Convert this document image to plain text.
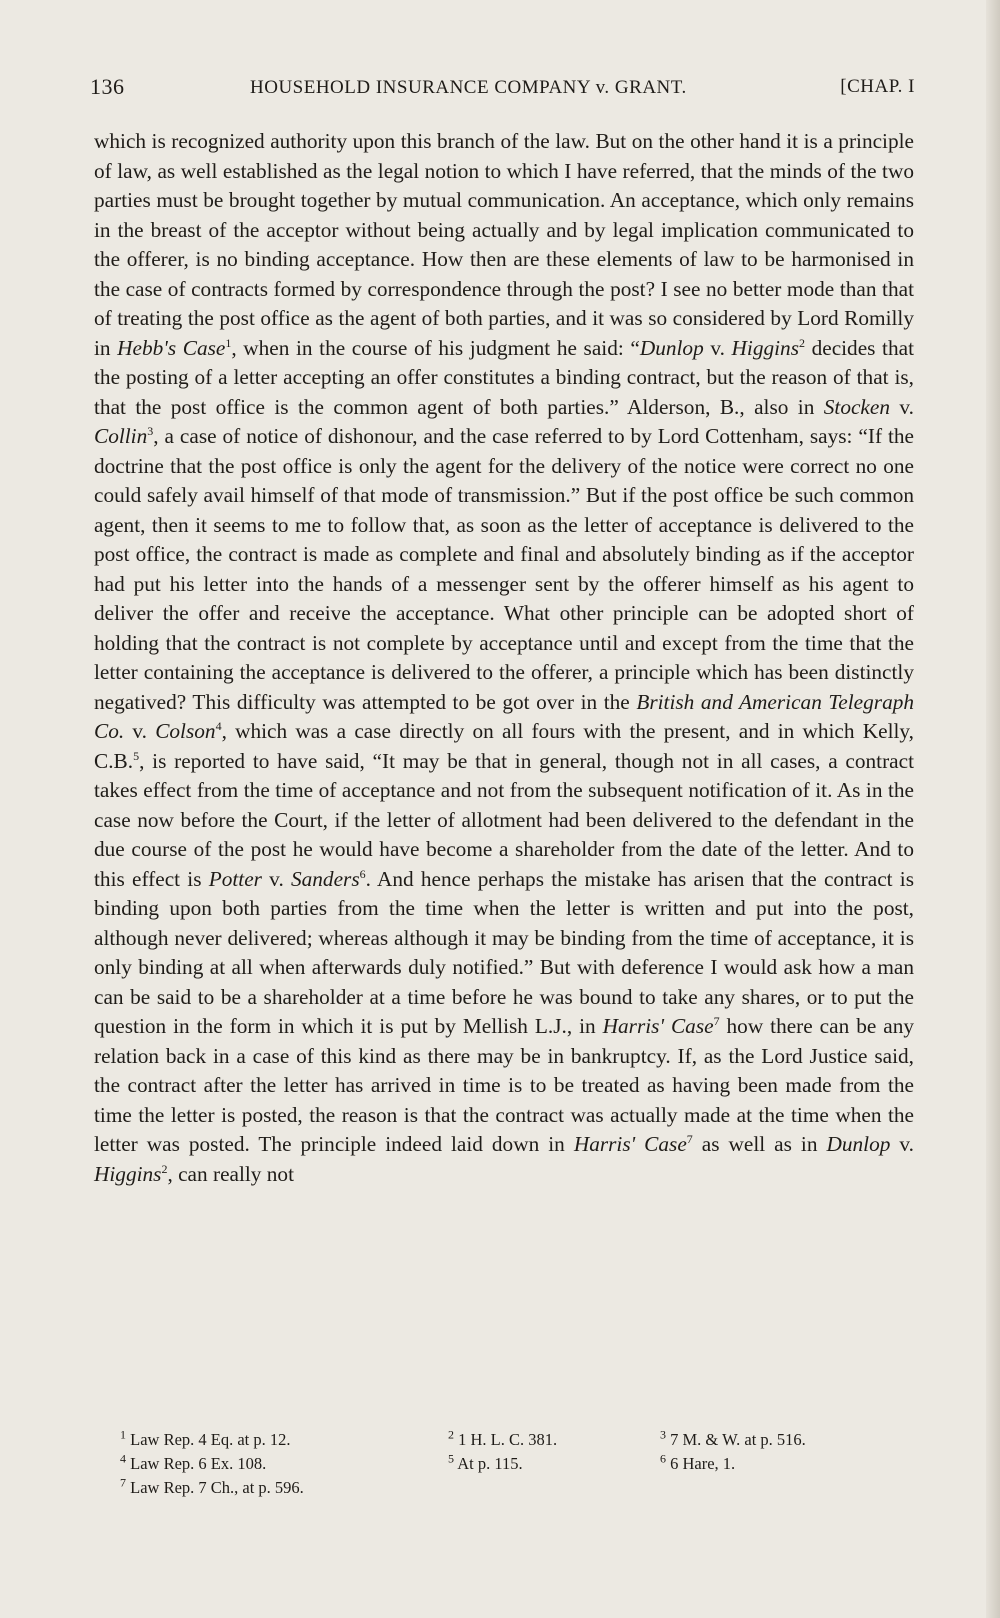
136	HOUSEHOLD INSURANCE COMPANY v. GRANT.	[CHAP. I
which is recognized authority upon this branch of the law. But on the other hand it is a principle of law, as well established as the legal notion to which I have referred, that the minds of the two parties must be brought together by mutual communication. An acceptance, which only remains in the breast of the acceptor without being actually and by legal implication communicated to the offerer, is no binding acceptance. How then are these elements of law to be harmonised in the case of contracts formed by correspondence through the post? I see no better mode than that of treating the post office as the agent of both parties, and it was so considered by Lord Romilly in Hebb's Case$^1$, when in the course of his judgment he said: “Dunlop v. Higgins$^2$ decides that the posting of a letter accepting an offer constitutes a binding contract, but the reason of that is, that the post office is the common agent of both parties.” Alderson, B., also in Stocken v. Collin$^3$, a case of notice of dishonour, and the case referred to by Lord Cottenham, says: “If the doctrine that the post office is only the agent for the delivery of the notice were correct no one could safely avail himself of that mode of transmission.” But if the post office be such common agent, then it seems to me to follow that, as soon as the letter of acceptance is delivered to the post office, the contract is made as complete and final and absolutely binding as if the acceptor had put his letter into the hands of a messenger sent by the offerer himself as his agent to deliver the offer and receive the acceptance. What other principle can be adopted short of holding that the contract is not complete by acceptance until and except from the time that the letter containing the acceptance is delivered to the offerer, a principle which has been distinctly negatived? This difficulty was attempted to be got over in the British and American Telegraph Co. v. Colson$^4$, which was a case directly on all fours with the present, and in which Kelly, C.B.$^5$, is reported to have said, “It may be that in general, though not in all cases, a contract takes effect from the time of acceptance and not from the subsequent notification of it. As in the case now before the Court, if the letter of allotment had been delivered to the defendant in the due course of the post he would have become a shareholder from the date of the letter. And to this effect is Potter v. Sanders$^6$. And hence perhaps the mistake has arisen that the contract is binding upon both parties from the time when the letter is written and put into the post, although never delivered; whereas although it may be binding from the time of acceptance, it is only binding at all when afterwards duly notified.” But with deference I would ask how a man can be said to be a shareholder at a time before he was bound to take any shares, or to put the question in the form in which it is put by Mellish L.J., in Harris' Case$^7$ how there can be any relation back in a case of this kind as there may be in bankruptcy. If, as the Lord Justice said, the contract after the letter has arrived in time is to be treated as having been made from the time the letter is posted, the reason is that the contract was actually made at the time when the letter was posted. The principle indeed laid down in Harris' Case$^7$ as well as in Dunlop v. Higgins$^2$, can really not
$^1$ Law Rep. 4 Eq. at p. 12.	$^2$ 1 H. L. C. 381.	$^3$ 7 M. & W. at p. 516.
$^4$ Law Rep. 6 Ex. 108.	$^5$ At p. 115.	$^6$ 6 Hare, 1.
$^7$ Law Rep. 7 Ch., at p. 596.
